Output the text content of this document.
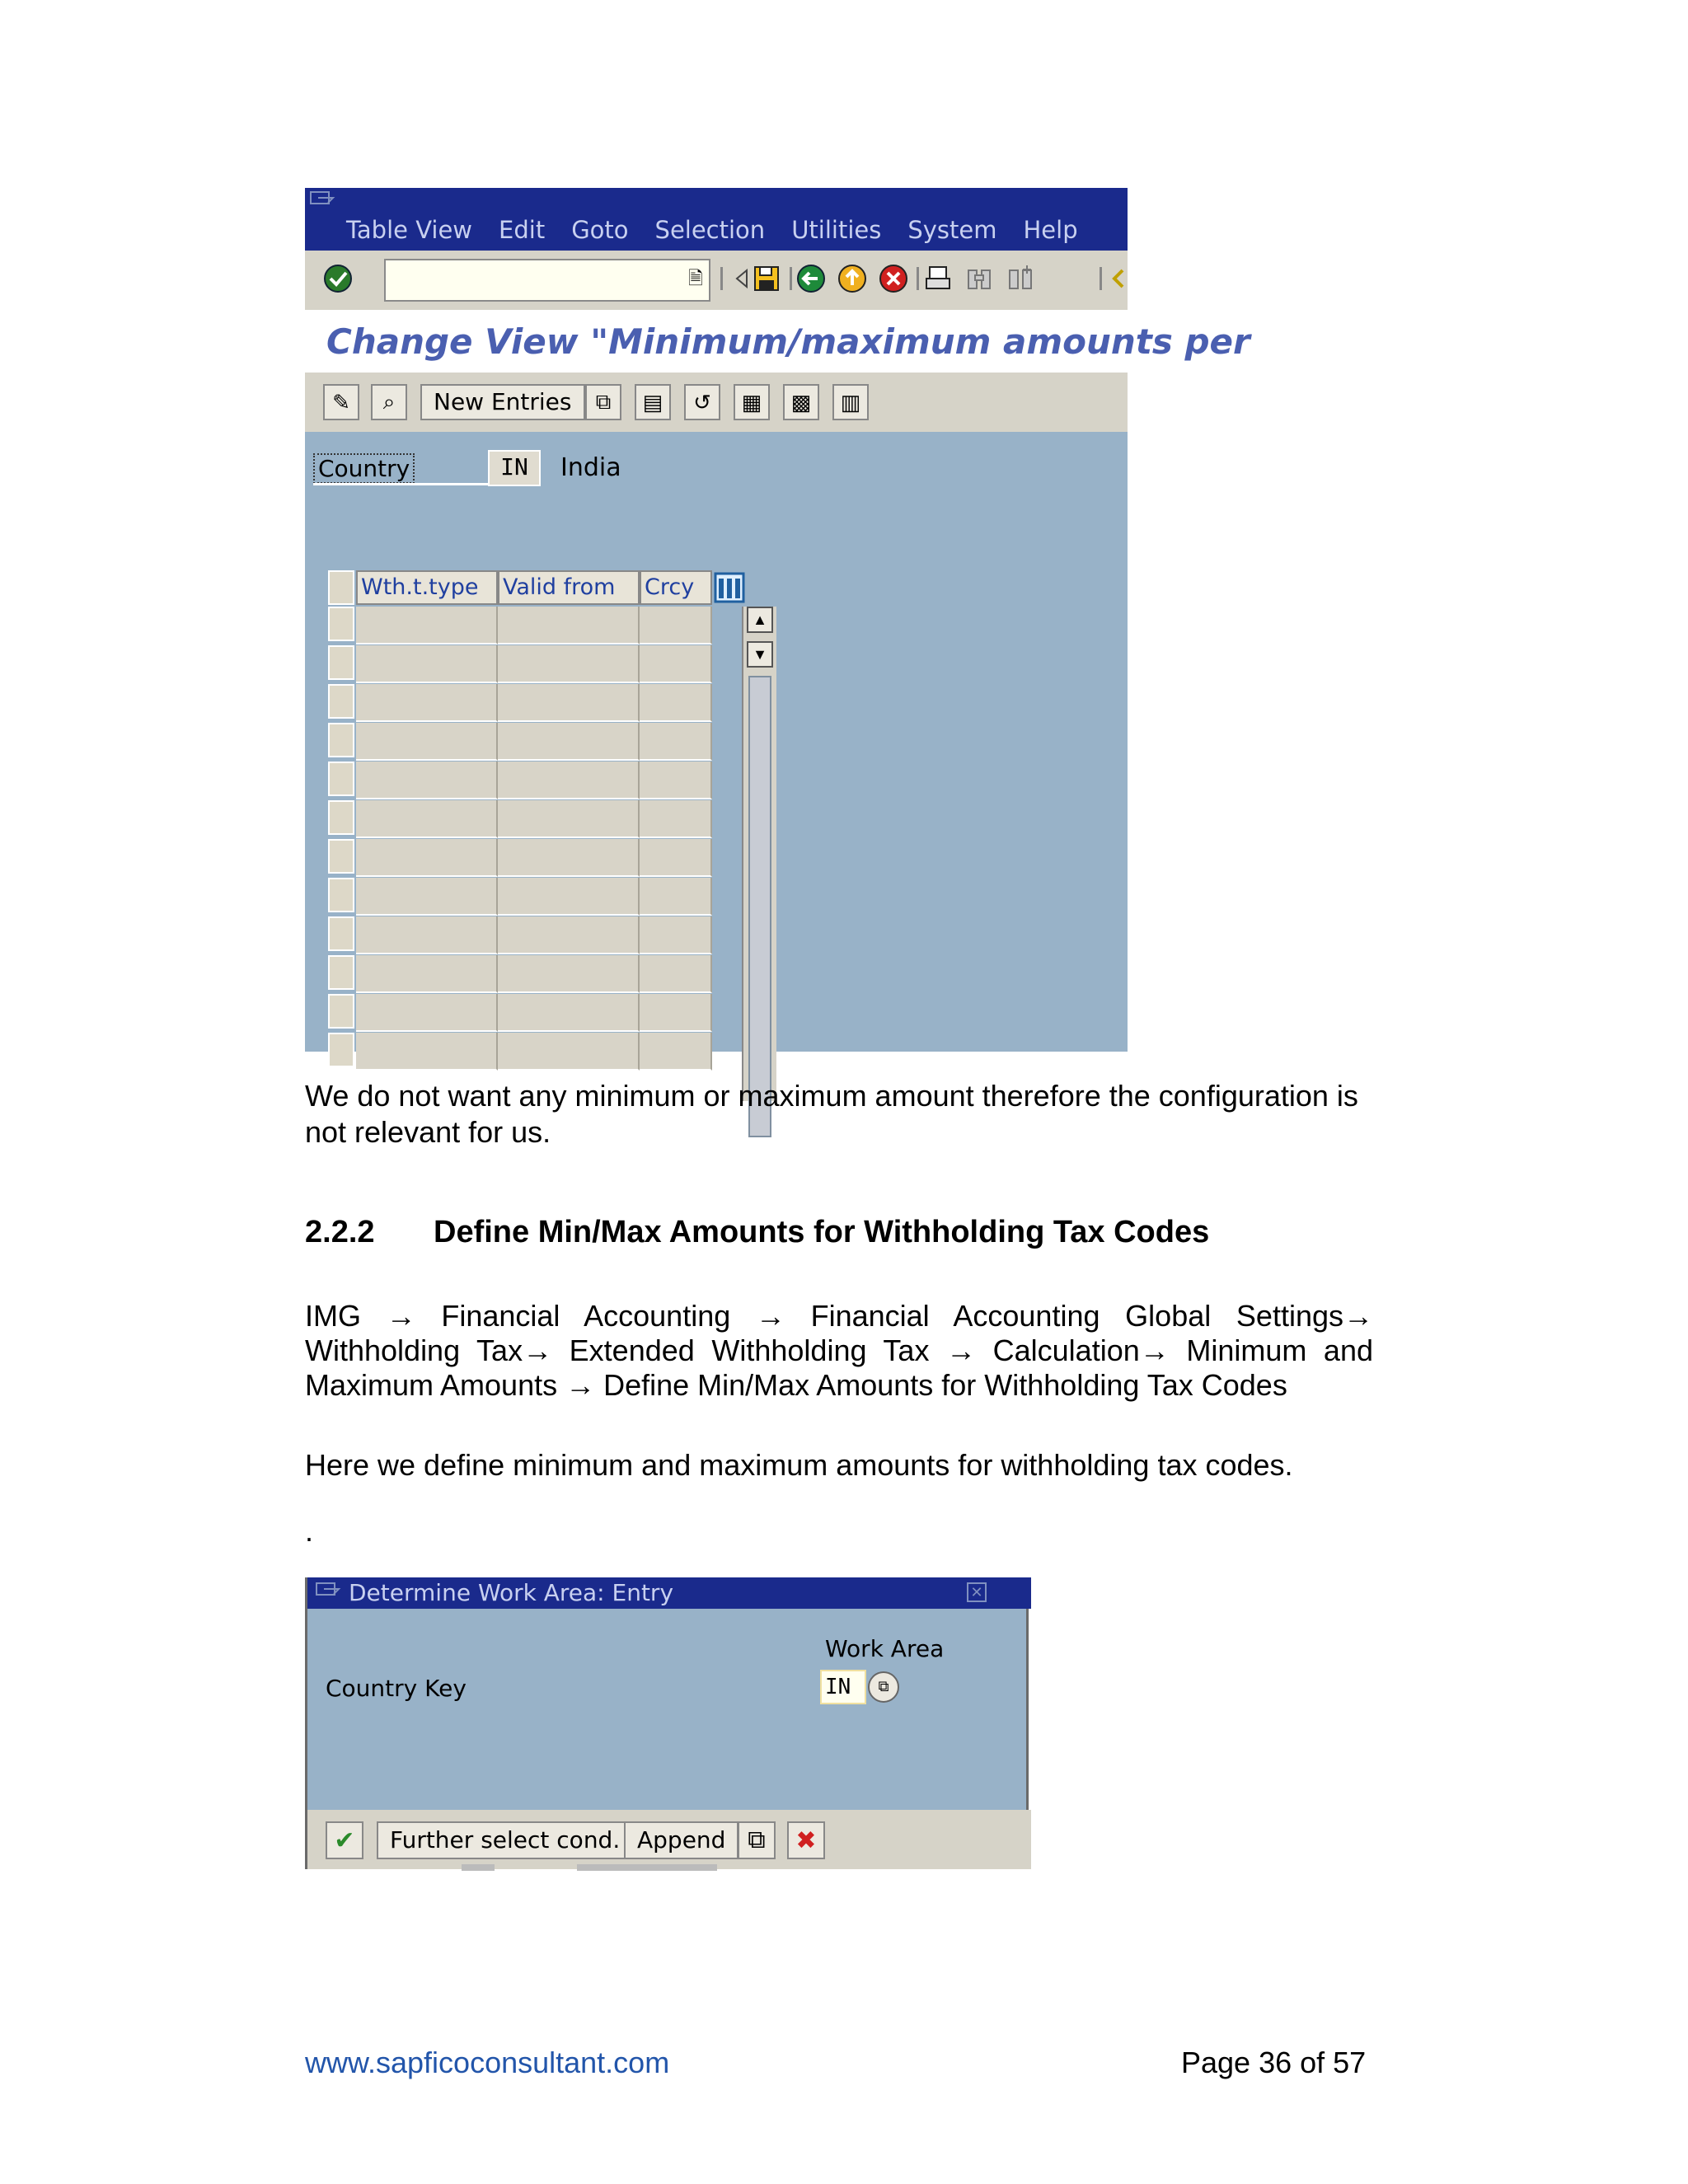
Table View Edit Goto Selection Utilities System Help
🗎
Change View "Minimum/maximum amounts per
✎	⌕	New Entries	⧉	▤	↺	▦	▩	▥
Country	IN	India
Wth.t.type	Valid from	Crcy
▲
▼
We do not want any minimum or maximum amount therefore the configuration is not relevant for us.
2.2.2 Define Min/Max Amounts for Withholding Tax Codes
IMG → Financial Accounting → Financial Accounting Global Settings→ Withholding Tax→ Extended Withholding Tax → Calculation→ Minimum and Maximum Amounts → Define Min/Max Amounts for Withholding Tax Codes
Here we define minimum and maximum amounts for withholding tax codes.
.
Determine Work Area: Entry	✕
Work Area
Country Key	IN	⧉
✔	Further select cond. Append ⧉	✖
www.sapficoconsultant.com	Page 36 of 57
